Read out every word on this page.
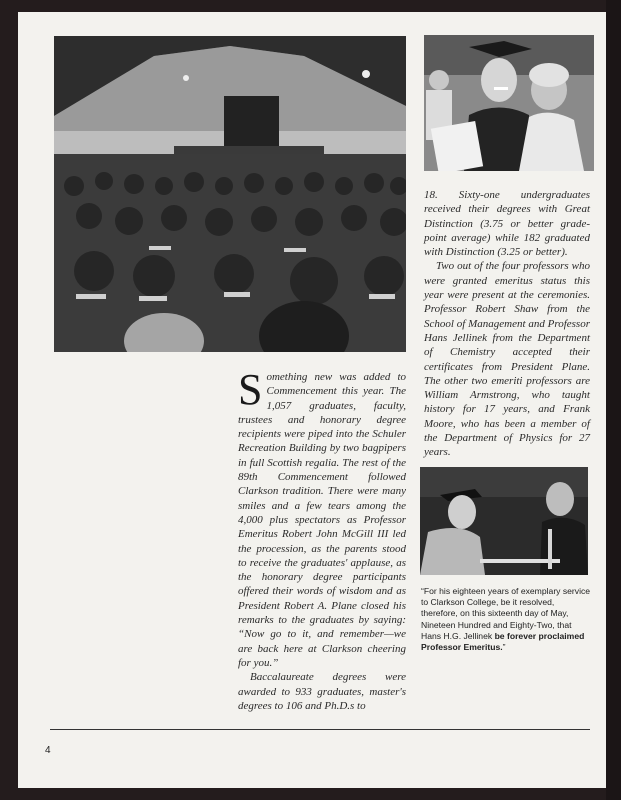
18. Sixty-one undergraduates received their degrees with Great Distinction (3.75 or better grade-point average) while 182 graduated with Distinction (3.25 or better).

Two out of the four professors who were granted emeritus status this year were present at the ceremonies. Professor Robert Shaw from the School of Management and Professor Hans Jellinek from the Department of Chemistry accepted their certificates from President Plane. The other two emeriti professors are William Armstrong, who taught history for 17 years, and Frank Moore, who has been a member of the Department of Physics for 27 years.

Something new was added to Commencement this year. The 1,057 graduates, faculty, trustees and honorary degree recipients were piped into the Schuler Recreation Building by two bagpipers in full Scottish regalia. The rest of the 89th Commencement followed Clarkson tradition. There were many smiles and a few tears among the 4,000 plus spectators as Professor Emeritus Robert John McGill III led the procession, as the parents stood to receive the graduates' applause, as the honorary degree participants offered their words of wisdom and as President Robert A. Plane closed his remarks to the graduates by saying: “Now go to it, and remember—we are back here at Clarkson cheering for you.”

Baccalaureate degrees were awarded to 933 graduates, master's degrees to 106 and Ph.D.s to

“For his eighteen years of exemplary service to Clarkson College, be it resolved, therefore, on this sixteenth day of May, Nineteen Hundred and Eighty-Two, that Hans H.G. Jellinek be forever proclaimed Professor Emeritus.”
4
